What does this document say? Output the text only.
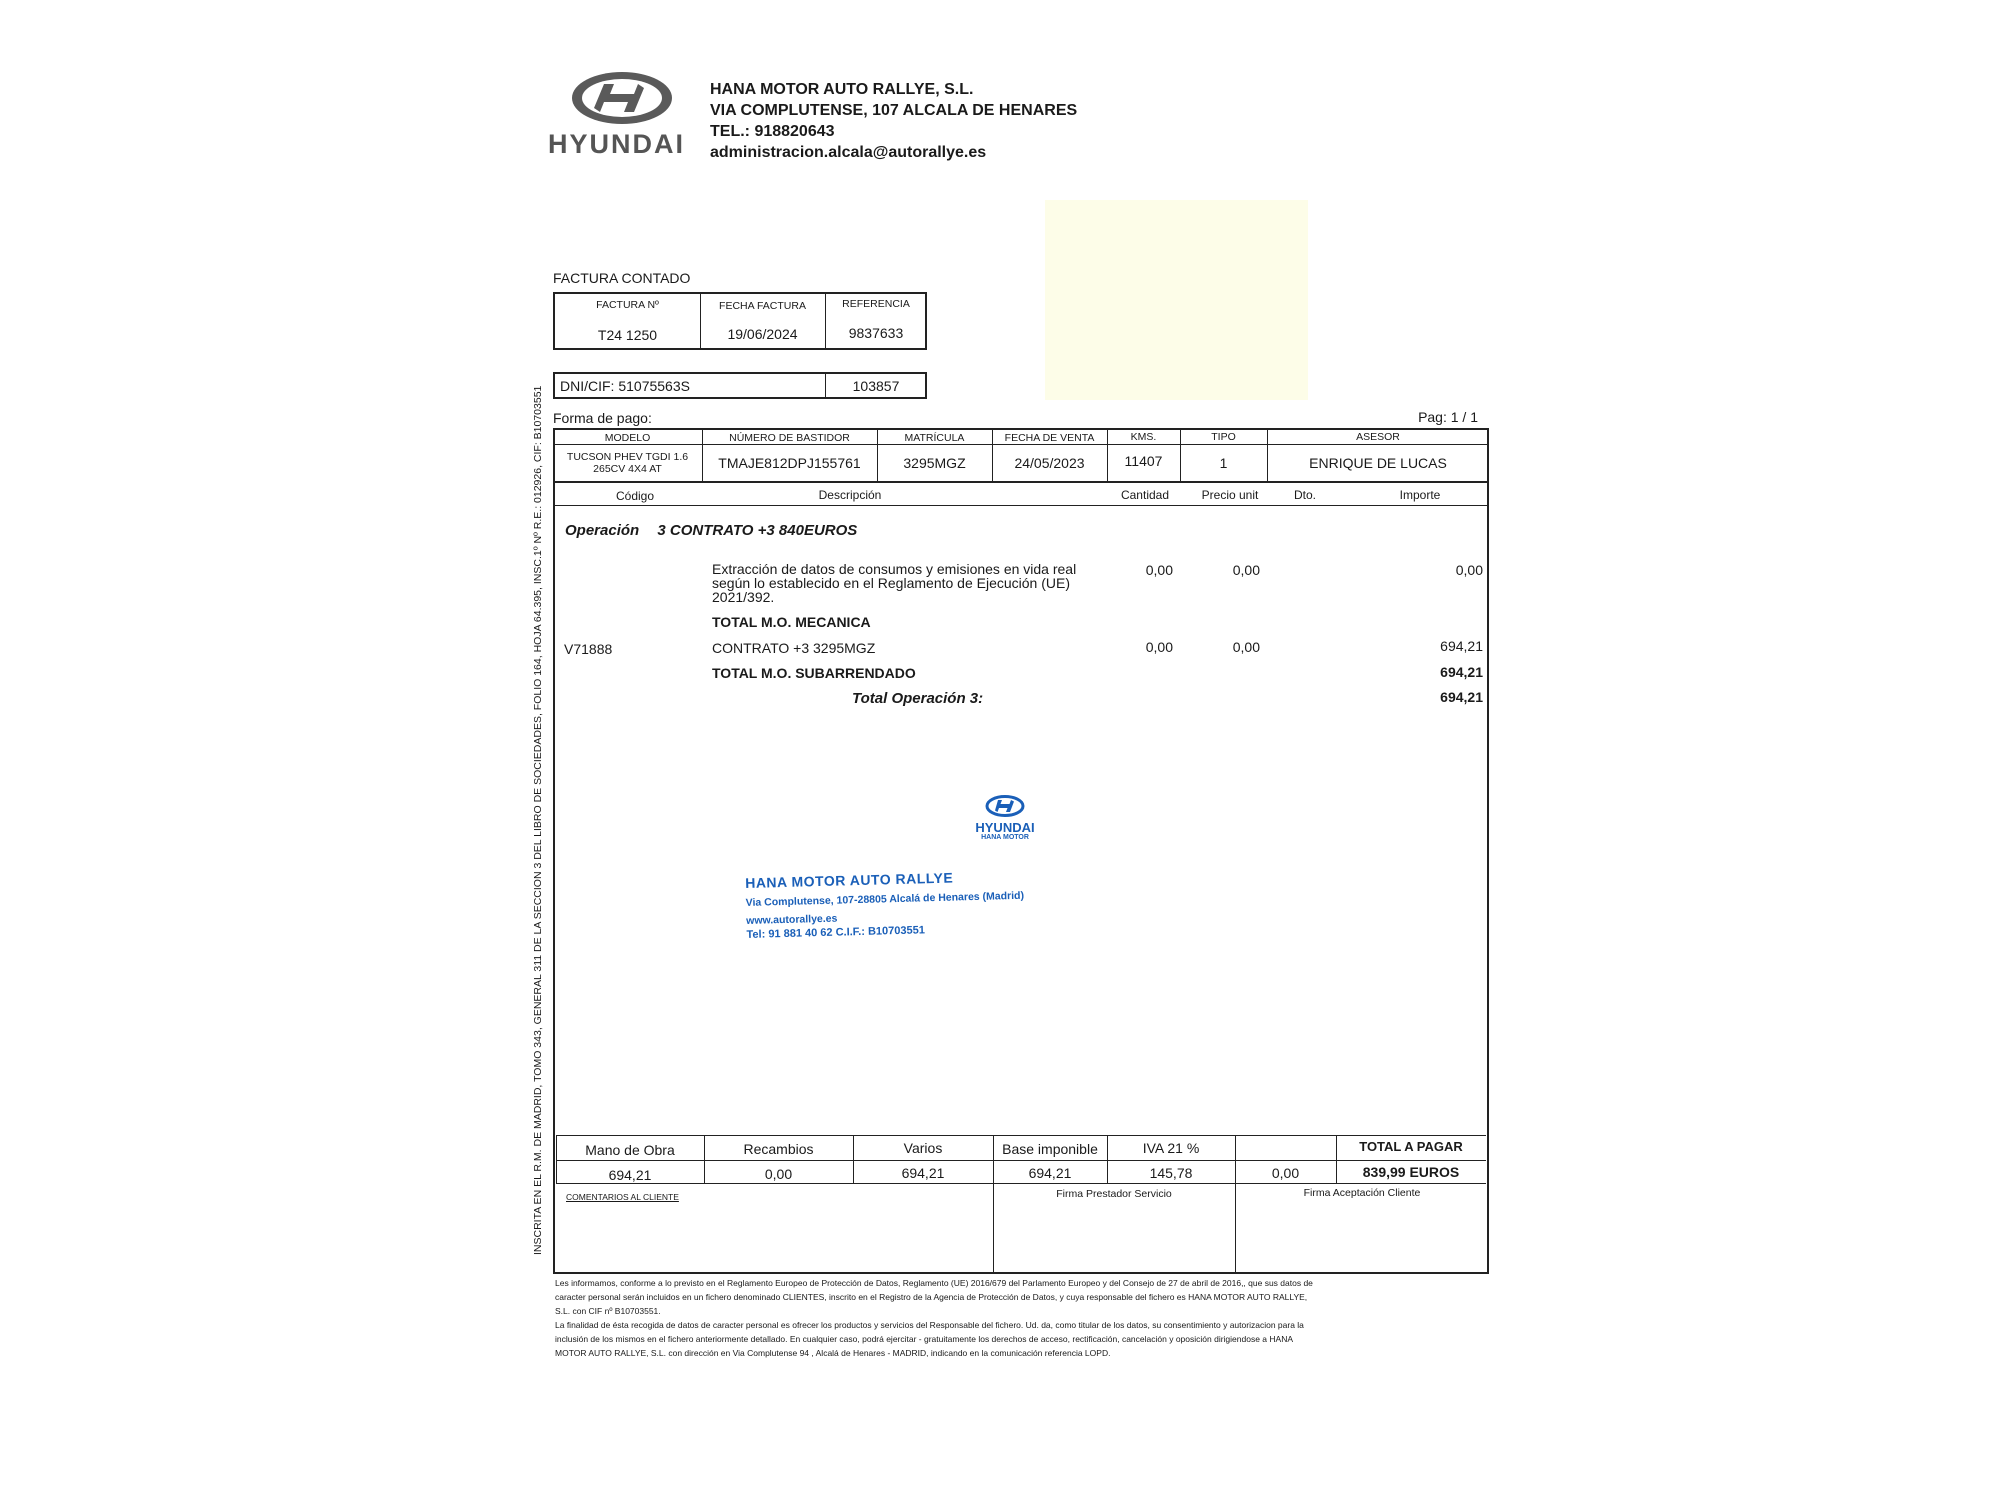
HYUNDAI
HANA MOTOR AUTO RALLYE, S.L.
VIA COMPLUTENSE, 107 ALCALA DE HENARES
TEL.: 918820643
administracion.alcala@autorallye.es
INSCRITA EN EL R.M. DE MADRID, TOMO 343, GENERAL 311 DE LA SECCION 3 DEL LIBRO DE SOCIEDADES, FOLIO 164, HOJA 64.395, INSC.1º Nº R.E.: 012926, CIF: B10703551
FACTURA CONTADO
FACTURA Nº	FECHA FACTURA	REFERENCIA
T24 1250	19/06/2024	9837633
DNI/CIF: 51075563S	103857
Forma de pago:	Pag: 1 / 1
MODELO	NÚMERO DE BASTIDOR	MATRÍCULA	FECHA DE VENTA	KMS.	TIPO	ASESOR
TUCSON PHEV TGDI 1.6
265CV 4X4 AT	TMAJE812DPJ155761	3295MGZ	24/05/2023	11407	1	ENRIQUE DE LUCAS
Código	Descripción	Cantidad	Precio unit	Dto.	Importe
Operación 3 CONTRATO +3 840EUROS
Extracción de datos de consumos y emisiones en vida real
según lo establecido en el Reglamento de Ejecución (UE)
2021/392.
0,00	0,00	0,00
TOTAL M.O. MECANICA
V71888	CONTRATO +3 3295MGZ	0,00	0,00	694,21
TOTAL M.O. SUBARRENDADO	694,21
Total Operación 3:	694,21
HYUNDAI
HANA MOTOR
HANA MOTOR AUTO RALLYE
Via Complutense, 107-28805 Alcalá de Henares (Madrid)
www.autorallye.es
Tel: 91 881 40 62 C.I.F.: B10703551
Mano de Obra	Recambios	Varios	Base imponible	IVA 21 %	TOTAL A PAGAR
694,21	0,00	694,21	694,21	145,78	0,00	839,99 EUROS
COMENTARIOS AL CLIENTE	Firma Prestador Servicio	Firma Aceptación Cliente
Les informamos, conforme a lo previsto en el Reglamento Europeo de Protección de Datos, Reglamento (UE) 2016/679 del Parlamento Europeo y del Consejo de 27 de abril de 2016,, que sus datos de
caracter personal serán incluidos en un fichero denominado CLIENTES, inscrito en el Registro de la Agencia de Protección de Datos, y cuya responsable del fichero es HANA MOTOR AUTO RALLYE,
S.L. con CIF nº B10703551.
La finalidad de ésta recogida de datos de caracter personal es ofrecer los productos y servicios del Responsable del fichero. Ud. da, como titular de los datos, su consentimiento y autorizacion para la
inclusión de los mismos en el fichero anteriormente detallado. En cualquier caso, podrá ejercitar - gratuitamente los derechos de acceso, rectificación, cancelación y oposición dirigiendose a HANA
MOTOR AUTO RALLYE, S.L. con dirección en Via Complutense 94 , Alcalá de Henares - MADRID, indicando en la comunicación referencia LOPD.
